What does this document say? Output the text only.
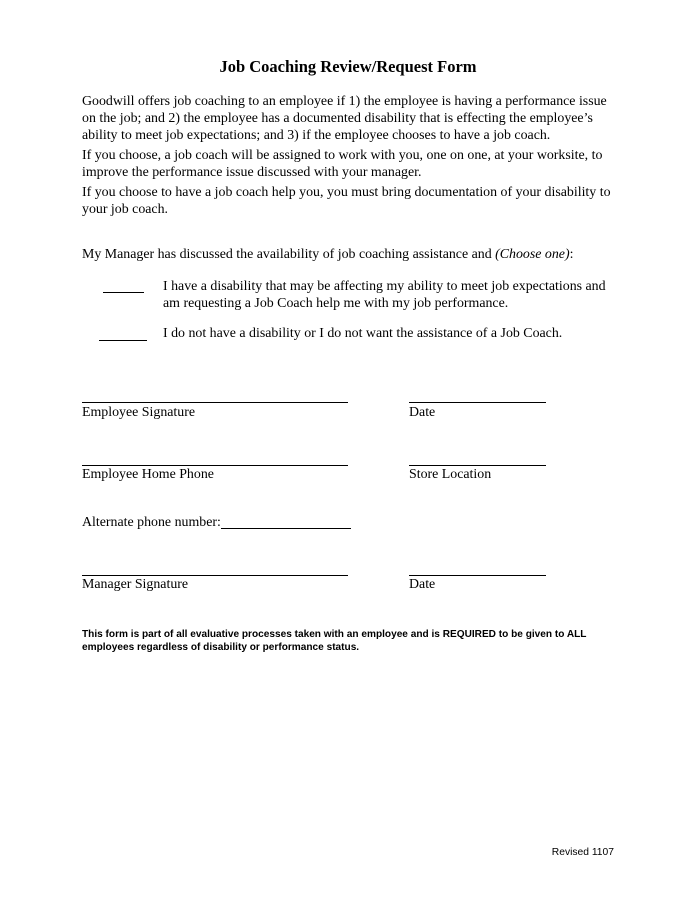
Job Coaching Review/Request Form
Goodwill offers job coaching to an employee if 1) the employee is having a performance issue on the job; and 2) the employee has a documented disability that is effecting the employee’s ability to meet job expectations; and 3) if the employee chooses to have a job coach.
If you choose, a job coach will be assigned to work with you, one on one, at your worksite, to improve the performance issue discussed with your manager.
If you choose to have a job coach help you, you must bring documentation of your disability to your job coach.
My Manager has discussed the availability of job coaching assistance and (Choose one):
I have a disability that may be affecting my ability to meet job expectations and am requesting a Job Coach help me with my job performance.
I do not have a disability or I do not want the assistance of a Job Coach.
Employee Signature	Date
Employee Home Phone	Store Location
Alternate phone number:
Manager Signature	Date
This form is part of all evaluative processes taken with an employee and is REQUIRED to be given to ALL employees regardless of disability or performance status.
Revised 1107
